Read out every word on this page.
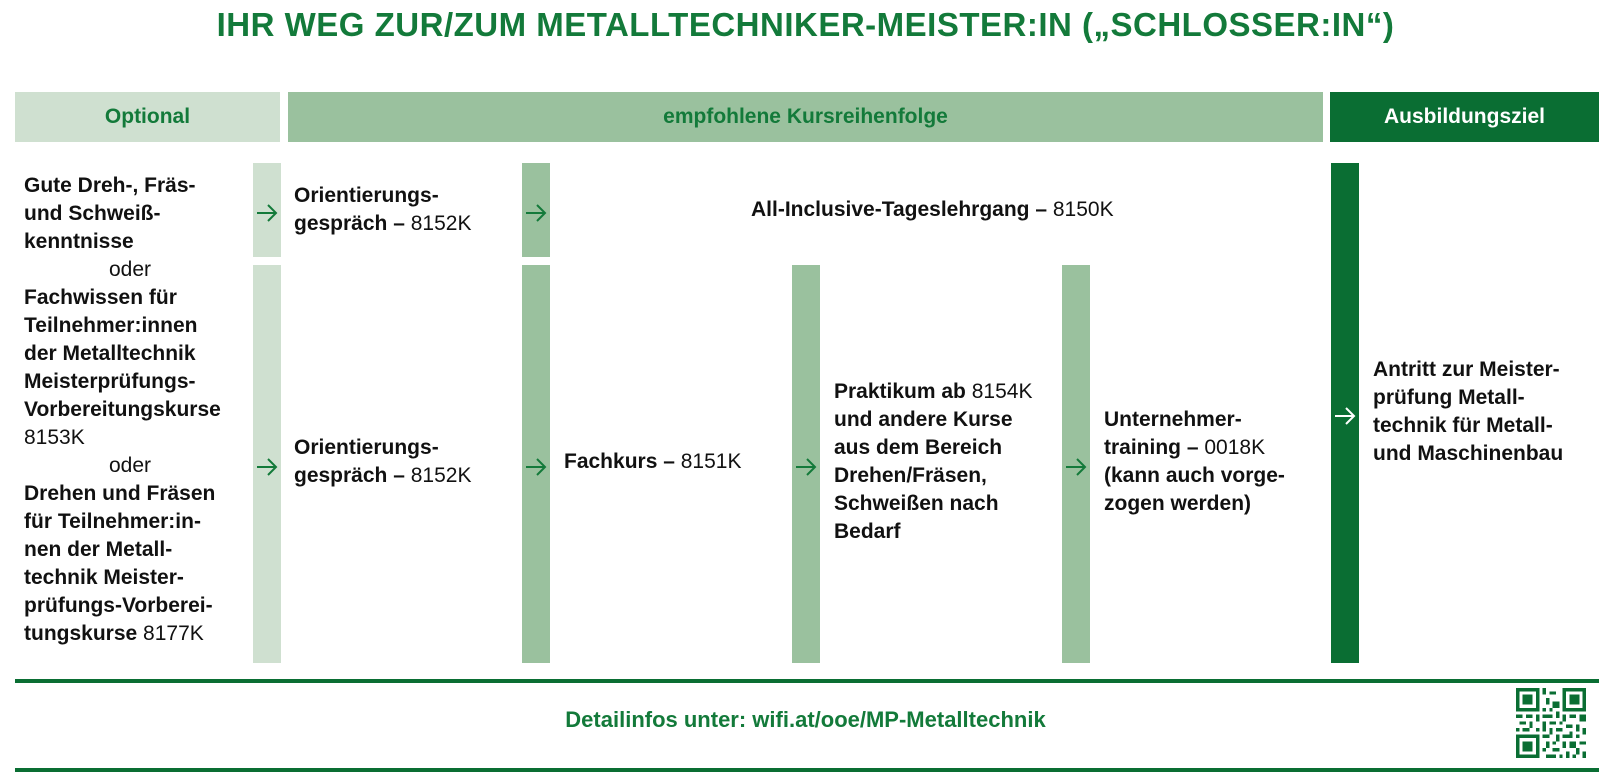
IHR WEG ZUR/ZUM METALLTECHNIKER-MEISTER:IN („SCHLOSSER:IN“)
Optional	empfohlene Kursreihenfolge	Ausbildungsziel
Gute Dreh-, Fräs-
und Schweiß-
kenntnisse
oder
Fachwissen für
Teilnehmer:innen
der Metalltechnik
Meisterprüfungs-
Vorbereitungskurse
8153K
oder
Drehen und Fräsen
für Teilnehmer:in-
nen der Metall-
technik Meister-
prüfungs-Vorberei-
tungskurse 8177K
Orientierungs-
gespräch – 8152K
All-Inclusive-Tageslehrgang – 8150K
Orientierungs-
gespräch – 8152K
Fachkurs – 8151K
Praktikum ab 8154K
und andere Kurse
aus dem Bereich
Drehen/Fräsen,
Schweißen nach
Bedarf
Unternehmer-
training – 0018K
(kann auch vorge-
zogen werden)
Antritt zur Meister-
prüfung Metall-
technik für Metall-
und Maschinenbau
Detailinfos unter: wifi.at/ooe/MP-Metalltechnik
